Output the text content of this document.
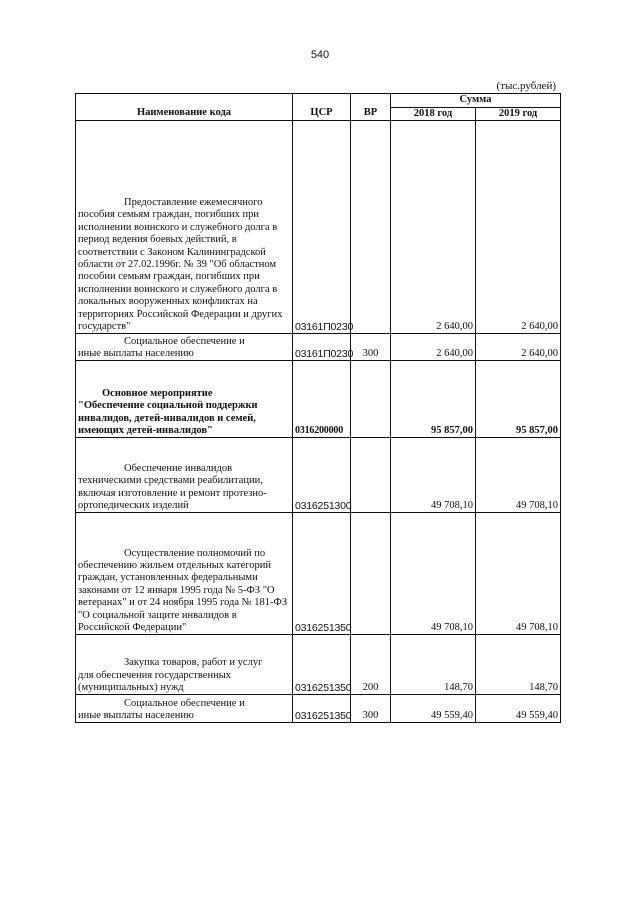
540
(тыс.рублей)
Наименование кода	ЦСР	ВР	Сумма	
			2018 год	2019 год

Предоставление ежемесячного
пособия семьям граждан, погибших при исполнении воинского и служебного долга в период ведения боевых действий, в соответствии с Законом Калининградской области от 27.02.1996г. № 39 "Об областном пособии семьям граждан, погибших при исполнении воинского и служебного долга в локальных вооруженных конфликтах на территориях Российской Федерации и других государств"	03161П0230		2 640,00	2 640,00

Социальное обеспечение и
иные выплаты населению	03161П0230	300	2 640,00	2 640,00

Основное мероприятие
"Обеспечение социальной поддержки инвалидов, детей-инвалидов и семей, имеющих детей-инвалидов"	0316200000		95 857,00	95 857,00

Обеспечение инвалидов
техническими средствами реабилитации, включая изготовление и ремонт протезно-ортопедических изделий	0316251300		49 708,10	49 708,10

Осуществление полномочий по
обеспечению жильем отдельных категорий граждан, установленных федеральными законами от 12 января 1995 года № 5-ФЗ "О ветеранах" и от 24 ноября 1995 года № 181-ФЗ "О социальной защите инвалидов в Российской Федерации"	0316251350		49 708,10	49 708,10

Закупка товаров, работ и услуг
для обеспечения государственных (муниципальных) нужд	0316251350	200	148,70	148,70

Социальное обеспечение и
иные выплаты населению	0316251350	300	49 559,40	49 559,40
